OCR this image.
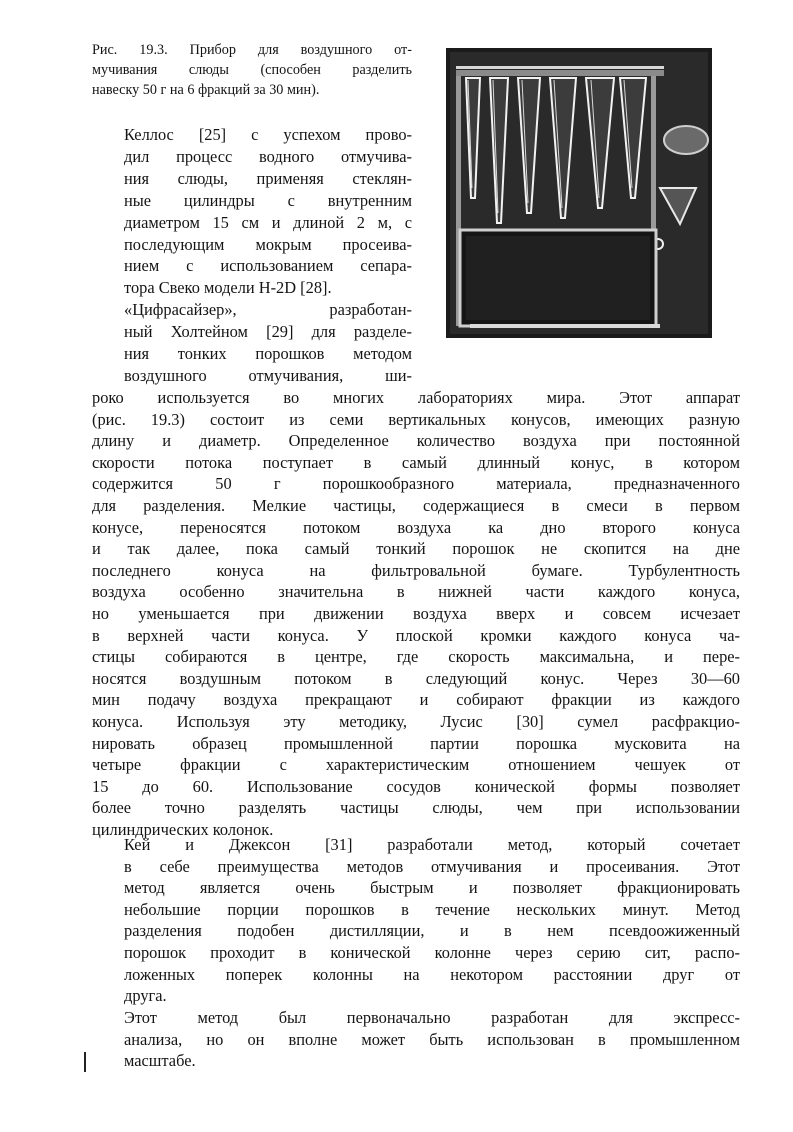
Рис. 19.3. Прибор для воздушного от-
мучивания слюды (способен разделить
навеску 50 г на 6 фракций за 30 мин).

Келлос [25] с успехом прово-
дил процесс водного отмучива-
ния слюды, применяя стеклян-
ные цилиндры с внутренним
диаметром 15 см и длиной 2 м, с
последующим мокрым просеива-
нием с использованием сепара-
тора Свеко модели H-2D [28].

«Цифрасайзер», разработан-
ный Холтейном [29] для разделе-
ния тонких порошков методом
воздушного отмучивания, ши-

роко используется во многих лабораториях мира. Этот аппарат
(рис. 19.3) состоит из семи вертикальных конусов, имеющих разную
длину и диаметр. Определенное количество воздуха при постоянной
скорости потока поступает в самый длинный конус, в котором
содержится 50 г порошкообразного материала, предназначенного
для разделения. Мелкие частицы, содержащиеся в смеси в первом
конусе, переносятся потоком воздуха ка дно второго конуса
и так далее, пока самый тонкий порошок не скопится на дне
последнего конуса на фильтровальной бумаге. Турбулентность
воздуха особенно значительна в нижней части каждого конуса,
но уменьшается при движении воздуха вверх и совсем исчезает
в верхней части конуса. У плоской кромки каждого конуса ча-
стицы собираются в центре, где скорость максимальна, и пере-
носятся воздушным потоком в следующий конус. Через 30—60
мин подачу воздуха прекращают и собирают фракции из каждого
конуса. Используя эту методику, Лусис [30] сумел расфракцио-
нировать образец промышленной партии порошка мусковита на
четыре фракции с характеристическим отношением чешуек от
15 до 60. Использование сосудов конической формы позволяет
более точно разделять частицы слюды, чем при использовании
цилиндрических колонок.

Кей и Джексон [31] разработали метод, который сочетает
в себе преимущества методов отмучивания и просеивания. Этот
метод является очень быстрым и позволяет фракционировать
небольшие порции порошков в течение нескольких минут. Метод
разделения подобен дистилляции, и в нем псевдоожиженный
порошок проходит в конической колонне через серию сит, распо-
ложенных поперек колонны на некотором расстоянии друг от
друга.

Этот метод был первоначально разработан для экспресс-
анализа, но он вполне может быть использован в промышленном
масштабе.
